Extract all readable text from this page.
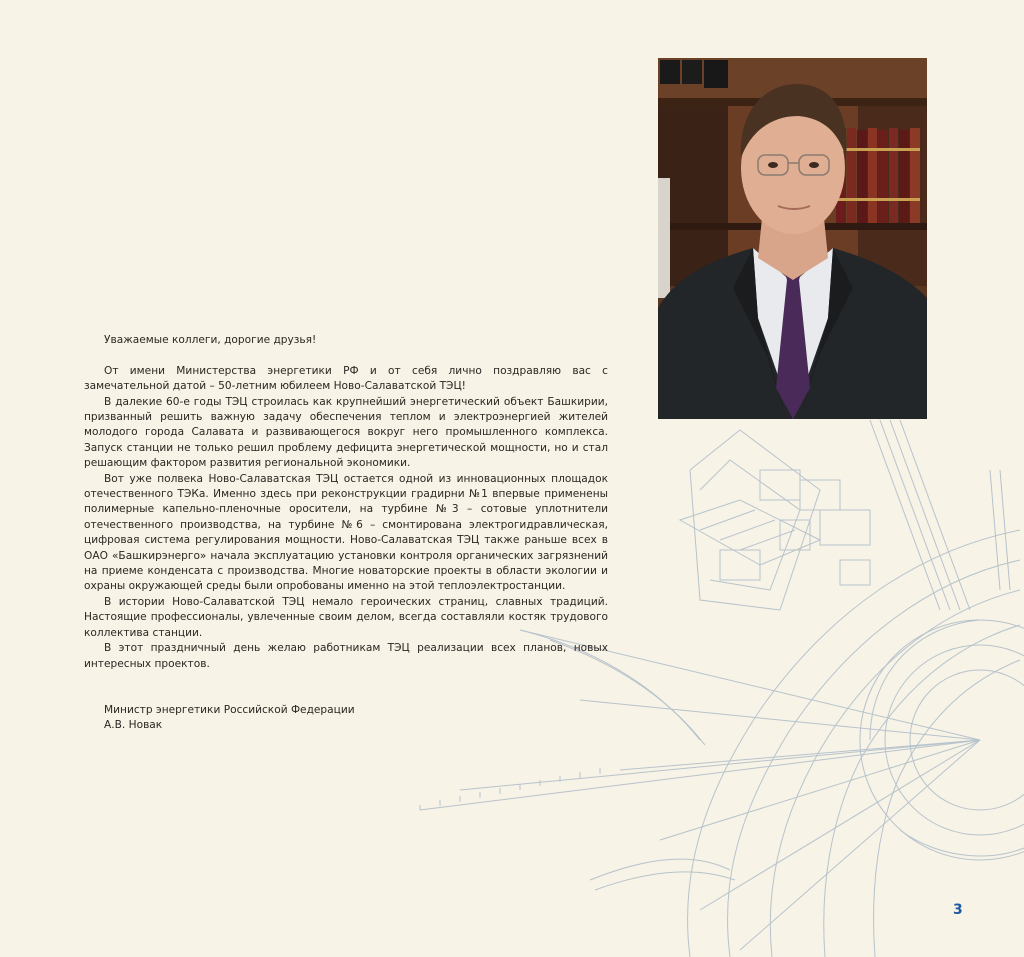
Уважаемые коллеги, дорогие друзья!

От имени Министерства энергетики РФ и от себя лично поздравляю вас с замечательной датой – 50-летним юбилеем Ново-Салаватской ТЭЦ!

В далекие 60-е годы ТЭЦ строилась как крупнейший энергетический объект Башкирии, призванный решить важную задачу обеспечения теплом и электроэнергией жителей молодого города Салавата и развивающегося вокруг него промышленного комплекса. Запуск станции не только решил проблему дефицита энергетической мощности, но и стал решающим фактором развития региональной экономики.

Вот уже полвека Ново-Салаватская ТЭЦ остается одной из инновационных площадок отечественного ТЭКа. Именно здесь при реконструкции градирни №1 впервые применены полимерные капельно-пленочные оросители, на турбине №3 – сотовые уплотнители отечественного производства, на турбине №6 – смонтирована электрогидравлическая, цифровая система регулирования мощности. Ново-Салаватская ТЭЦ также раньше всех в ОАО «Башкирэнерго» начала эксплуатацию установки контроля органических загрязнений на приеме конденсата с производства. Многие новаторские проекты в области экологии и охраны окружающей среды были опробованы именно на этой теплоэлектростанции.

В истории Ново-Салаватской ТЭЦ немало героических страниц, славных традиций. Настоящие профессионалы, увлеченные своим делом, всегда составляли костяк трудового коллектива станции.

В этот праздничный день желаю работникам ТЭЦ реализации всех планов, новых интересных проектов.

Министр энергетики Российской Федерации
А.В. Новак
3
